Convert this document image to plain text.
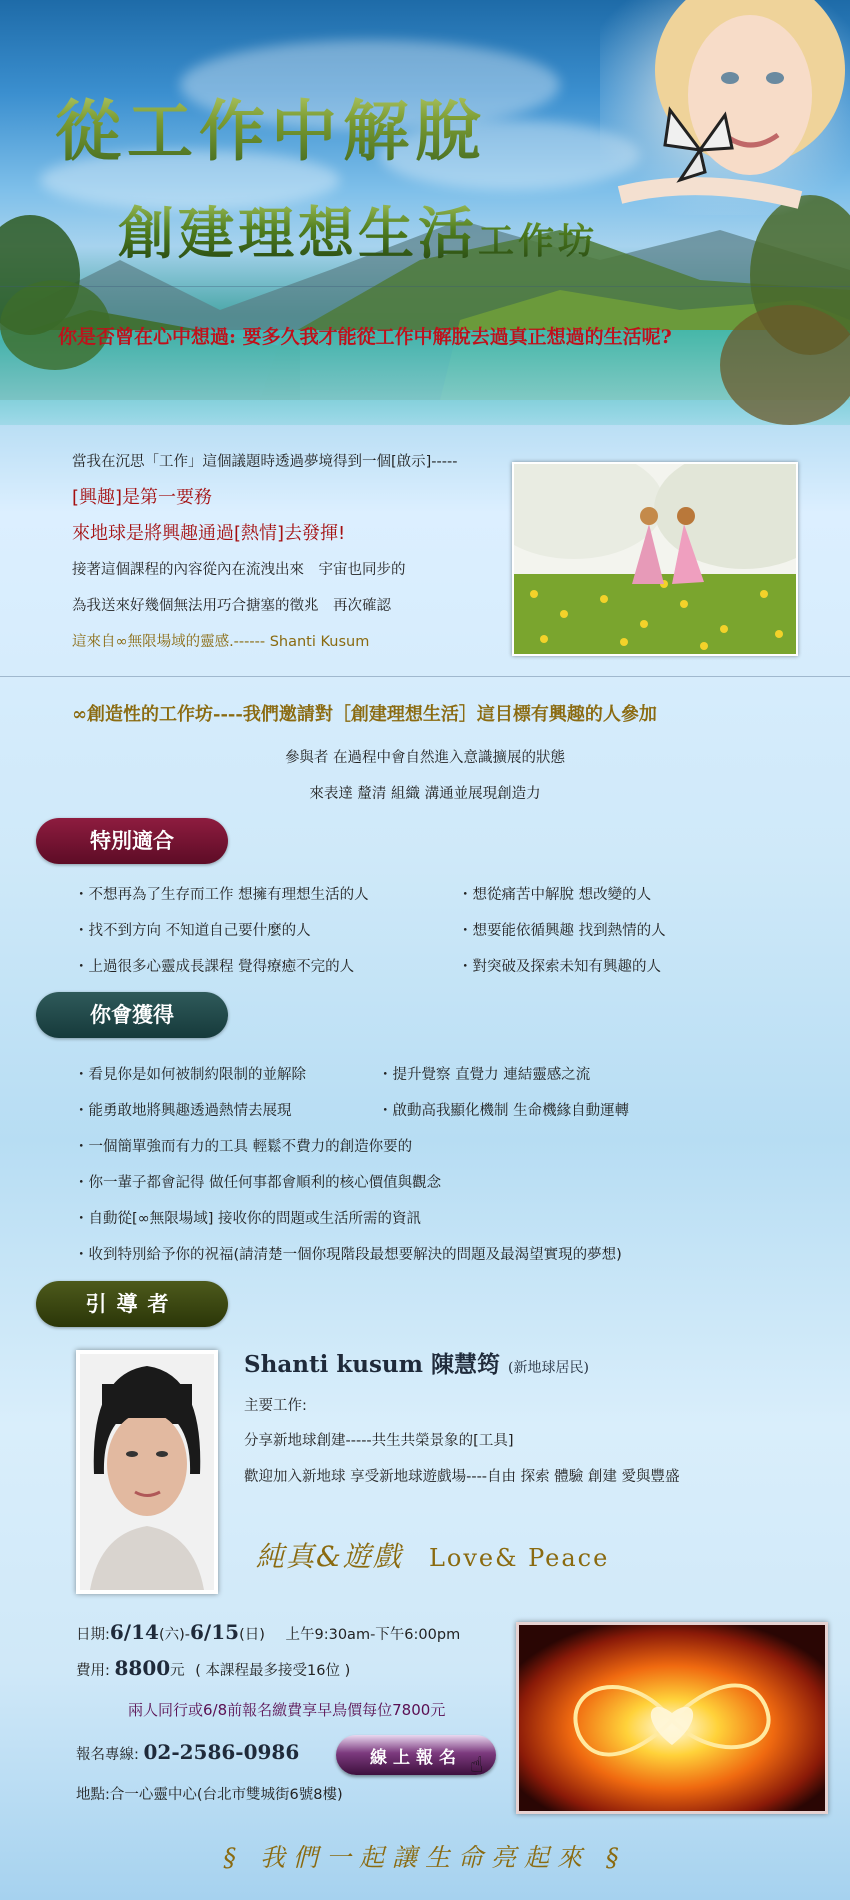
從工作中解脫
創建理想生活工作坊
你是否曾在心中想過: 要多久我才能從工作中解脫去過真正想過的生活呢?
當我在沉思「工作」這個議題時透過夢境得到一個[啟示]-----
[興趣]是第一要務
來地球是將興趣通過[熱情]去發揮!
接著這個課程的內容從內在流洩出來　宇宙也同步的
為我送來好幾個無法用巧合搪塞的徵兆　再次確認
這來自∞無限場域的靈感.------ Shanti Kusum
∞創造性的工作坊----我們邀請對［創建理想生活］這目標有興趣的人參加
參與者 在過程中會自然進入意識擴展的狀態
來表達 釐清 組織 溝通並展現創造力
特別適合
・ 不想再為了生存而工作 想擁有理想生活的人
・ 找不到方向 不知道自己要什麼的人
・ 上過很多心靈成長課程 覺得療癒不完的人
・ 想從痛苦中解脫 想改變的人
・ 想要能依循興趣 找到熱情的人
・ 對突破及探索未知有興趣的人
你會獲得
・ 看見你是如何被制約限制的並解除	・ 提升覺察 直覺力 連結靈感之流
・ 能勇敢地將興趣透過熱情去展現	・ 啟動高我顯化機制 生命機緣自動運轉
・ 一個簡單強而有力的工具 輕鬆不費力的創造你要的
・ 你一輩子都會記得 做任何事都會順利的核心價值與觀念
・ 自動從[∞無限場域] 接收你的問題或生活所需的資訊
・ 收到特別給予你的祝福(請清楚一個你現階段最想要解決的問題及最渴望實現的夢想)
引導者
Shanti kusum 陳慧筠 (新地球居民)
主要工作:
分享新地球創建-----共生共榮景象的[工具]
歡迎加入新地球 享受新地球遊戲場----自由 探索 體驗 創建 愛與豐盛
純真&遊戲 Love& Peace
日期:6/14(六)-6/15(日) 上午9:30am-下午6:00pm
費用: 8800元 ( 本課程最多接受16位 )
兩人同行或6/8前報名繳費享早鳥價每位7800元
報名專線: 02-2586-0986	線上報名 ☝
地點:合一心靈中心(台北市雙城街6號8樓)
§ 我們一起讓生命亮起來 §
